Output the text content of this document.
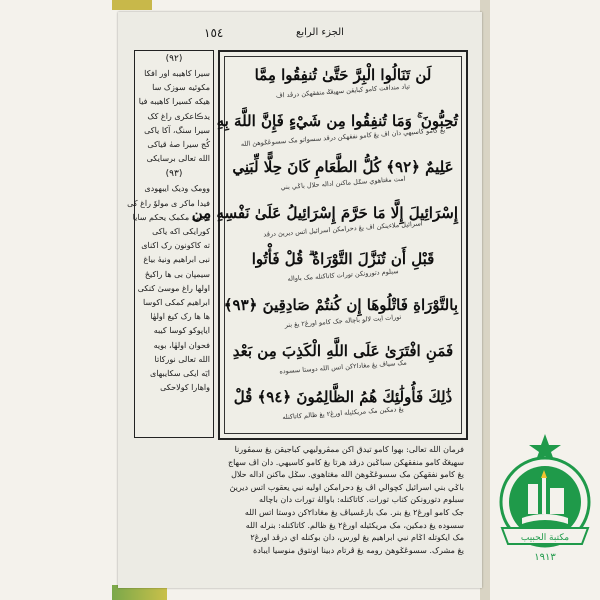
١٥٤	الجزء الرابع
(٩٢)
سیرا کاهیبه اور افکا
مکوئیه سوزک سا
هیکه کسیرا کاهیبه فیا
یدڪاعکری راغ کک
سیرا سنگ، آکا یاکی
کُج سیرا صهٰ قیاکی
الله تعالی برسایکی
(٩٣)
وومک ودیک ایبهودی
فیدا ماکر ی مولوٗ راغ کی
محمد مکمک یحکم سایا
کورایکی اکه یاکی
ته کاکونون رک اکنای
نبی ابراهیم ونیهٰ بیاغ
سیمپان بی ها راکیځ
اولها راغ موسیٰ کنکی
ابراهیم کمکی اکوسا
ها ها رک کیغ اولهٰا
ایاپوکو کوسا کیبه
فحوان اولهٰا، بویه
الله تعالی نورکاتا
ایٓه ایکی سکایبهای
واهارا کولاحکی
لَن تَنَالُوا الْبِرَّ حَتَّىٰ تُنفِقُوا مِمَّا
تیاد مندافت کامو کبایقن سهيڠݢ منفقهکن درڤد اڤ
تُحِبُّونَ ۚ وَمَا تُنفِقُوا مِن شَيْءٍ فَإِنَّ اللَّهَ بِهِ
يڠ کامو کاسيهي دان اڤ يڠ کامو نفقهکن درڤد سسواتو مک سسوڠݢوهڽ الله
عَلِيمٌ ﴿٩٢﴾ كُلُّ الطَّعَامِ كَانَ حِلًّا لِّبَنِي
امت مڠتاهوي سݢل ماکنن اداله حلال باݢي بني
إِسْرَائِيلَ إِلَّا مَا حَرَّمَ إِسْرَائِيلُ عَلَىٰ نَفْسِهِ مِن
اسرائيل ملاءينکن اڤ يڠ دحرامکن اسرائيل اتس ديريڽ درڤد
قَبْلِ أَن تُنَزَّلَ التَّوْرَاةُ ۗ قُلْ فَأْتُوا
سبلوم دتورونکن تورات کاتاکنله مک باواله
بِالتَّوْرَاةِ فَاتْلُوهَا إِن كُنتُمْ صَادِقِينَ ﴿٩٣﴾
تورات ايت لالو باچاله جک کامو اورڠ٢ يڠ بنر
فَمَنِ افْتَرَىٰ عَلَى اللَّهِ الْكَذِبَ مِن بَعْدِ
مک سياڤ يڠ مڠادا٢کن اتس الله دوستا سسوده
ذَٰلِكَ فَأُولَٰئِكَ هُمُ الظَّالِمُونَ ﴿٩٤﴾ قُلْ
يڠ دمکين مک مريکئيله اورڠ٢ يڠ ظالم کاتاکنله
فرمان الله تعالی: بهوا کامو تیدق اکن ممڤروليهي کباجيقن يڠ سمڤورنا
سهيڠݢ کامو منفقهکن سباݢين درڤد هرتا يڠ کامو کاسيهي. دان اڤ سهاج
يڠ کامو نفقهکن مک سسوڠݢوهڽ الله مڠتاهوي. سݢل ماکنن اداله حلال
باݢي بني اسرائيل کچوالي اڤ يڠ دحرامکن اوليه نبي يعقوب اتس ديريڽ
سبلوم دتورونکن کتاب تورات. کاتاکنله: باوالهٰ تورات دان باچاله
جک کامو اورڠ٢ يڠ بنر. مک بارڠسياڤ يڠ مڠادا٢کن دوستا اتس الله
سسوده يڠ دمکين، مک مريکئيله اورڠ٢ يڠ ظالم. کاتاکنله: بنرله الله
مک ايکوتله اݢام نبي ابراهيم يڠ لورس، دان بوکنله اي درڤد اورڠ٢
يڠ مشرک. سسوڠݢوهڽ رومه يڠ ڤرتام دبينا اونتوق منوسيا ايبادة
مكتبة الحبيب
١٩١٣
